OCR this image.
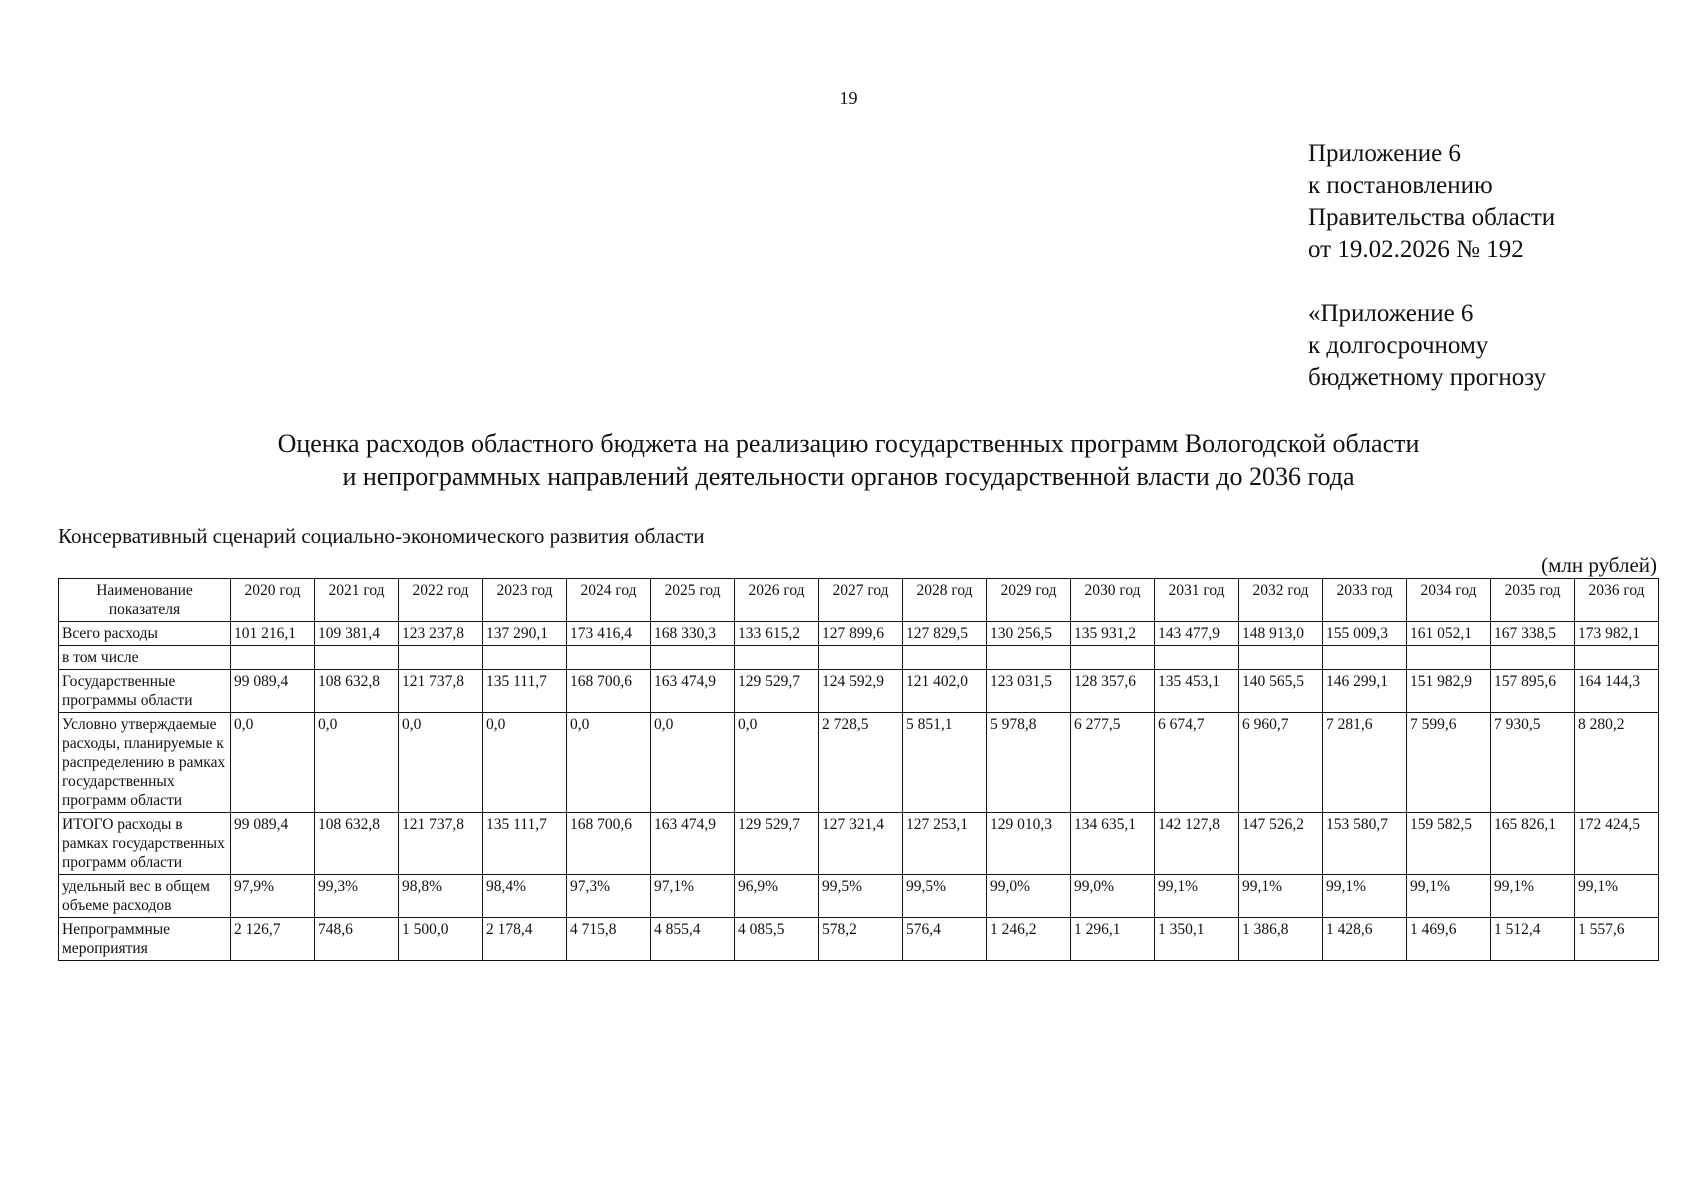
19
Приложение 6
к постановлению
Правительства области
от 19.02.2026 № 192
«Приложение 6
к долгосрочному
бюджетному прогнозу
Оценка расходов областного бюджета на реализацию государственных программ Вологодской области
и непрограммных направлений деятельности органов государственной власти до 2036 года
Консервативный сценарий социально-экономического развития области
(млн рублей)
Наименование показателя	2020 год	2021 год	2022 год	2023 год	2024 год	2025 год	2026 год	2027 год	2028 год	2029 год	2030 год	2031 год	2032 год	2033 год	2034 год	2035 год	2036 год
Всего расходы	101 216,1	109 381,4	123 237,8	137 290,1	173 416,4	168 330,3	133 615,2	127 899,6	127 829,5	130 256,5	135 931,2	143 477,9	148 913,0	155 009,3	161 052,1	167 338,5	173 982,1
в том числе																	
Государственные программы области	99 089,4	108 632,8	121 737,8	135 111,7	168 700,6	163 474,9	129 529,7	124 592,9	121 402,0	123 031,5	128 357,6	135 453,1	140 565,5	146 299,1	151 982,9	157 895,6	164 144,3
Условно утверждаемые расходы, планируемые к распределению в рамках государственных программ области	0,0	0,0	0,0	0,0	0,0	0,0	0,0	2 728,5	5 851,1	5 978,8	6 277,5	6 674,7	6 960,7	7 281,6	7 599,6	7 930,5	8 280,2
ИТОГО расходы в рамках государственных программ области	99 089,4	108 632,8	121 737,8	135 111,7	168 700,6	163 474,9	129 529,7	127 321,4	127 253,1	129 010,3	134 635,1	142 127,8	147 526,2	153 580,7	159 582,5	165 826,1	172 424,5
удельный вес в общем объеме расходов	97,9%	99,3%	98,8%	98,4%	97,3%	97,1%	96,9%	99,5%	99,5%	99,0%	99,0%	99,1%	99,1%	99,1%	99,1%	99,1%	99,1%
Непрограммные мероприятия	2 126,7	748,6	1 500,0	2 178,4	4 715,8	4 855,4	4 085,5	578,2	576,4	1 246,2	1 296,1	1 350,1	1 386,8	1 428,6	1 469,6	1 512,4	1 557,6
